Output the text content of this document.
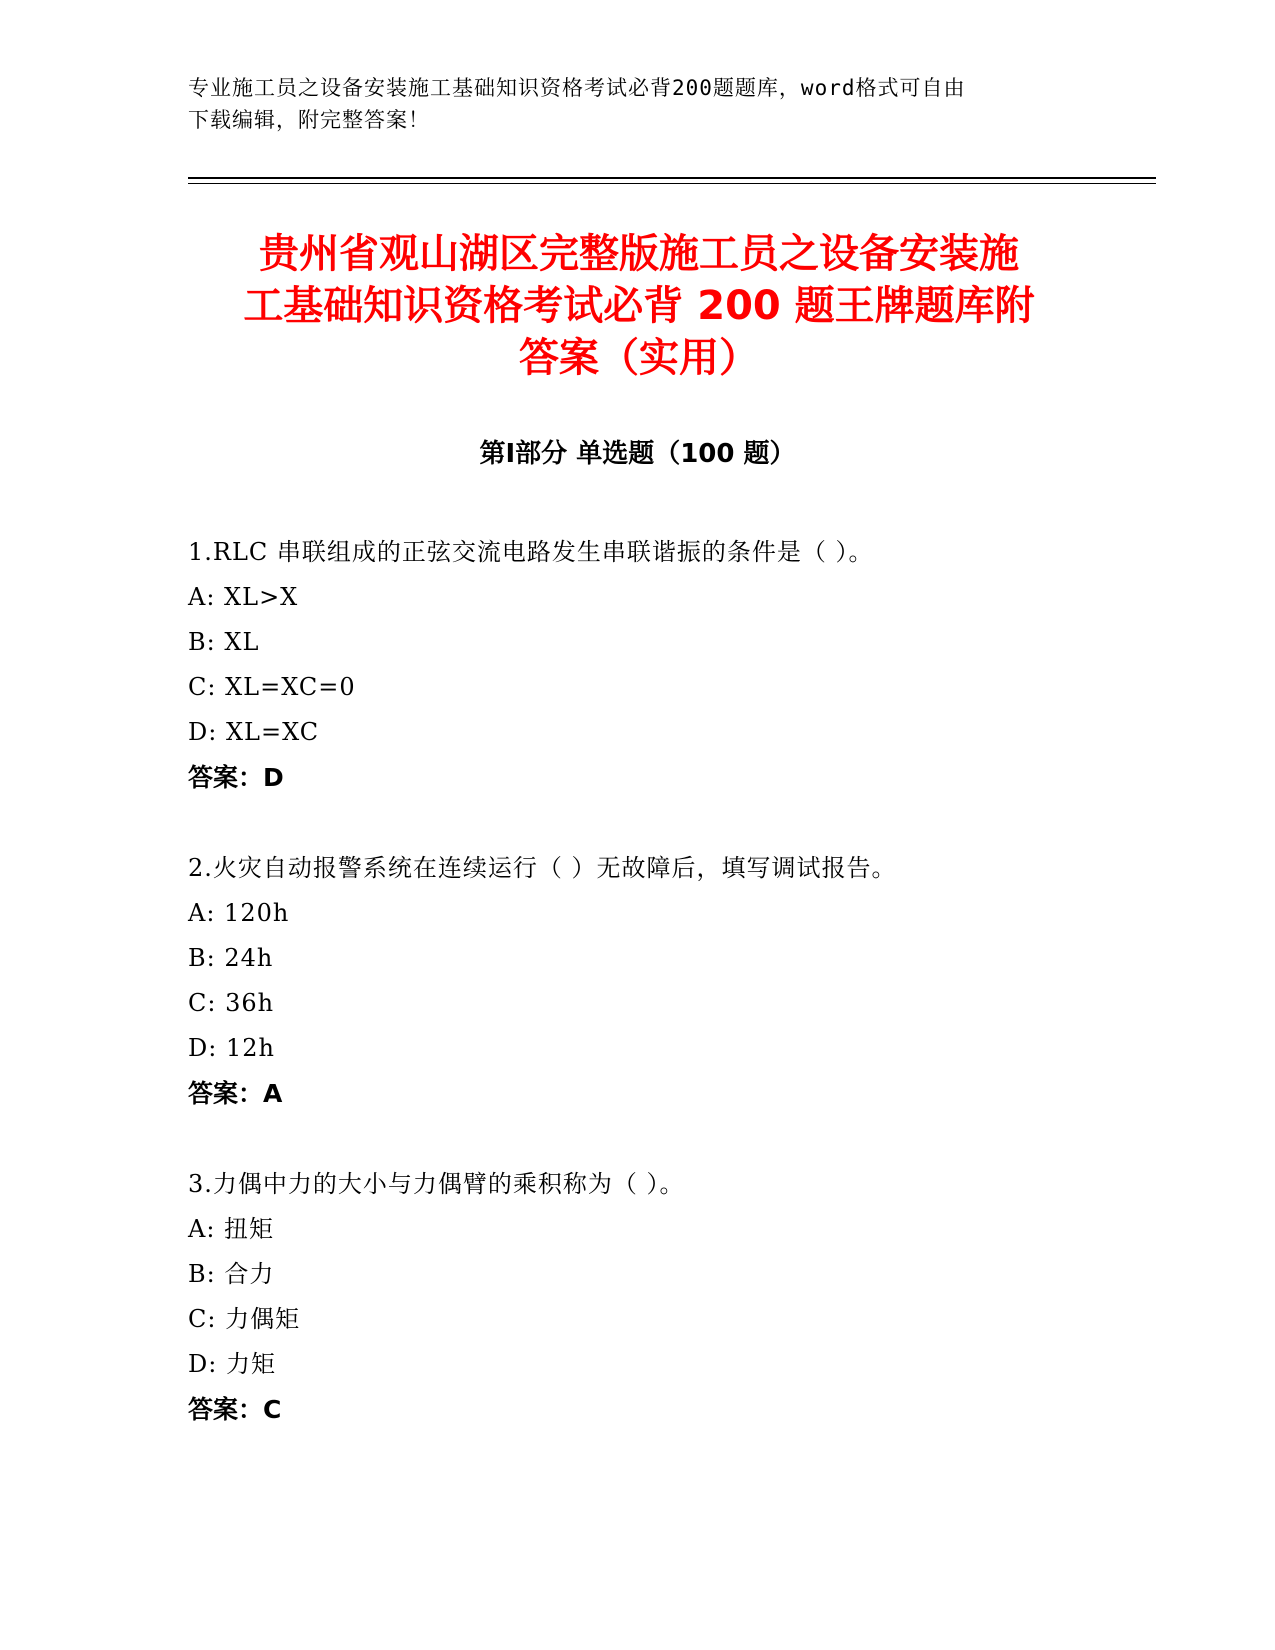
专业施工员之设备安装施工基础知识资格考试必背200题题库，word格式可自由
下载编辑，附完整答案！
贵州省观山湖区完整版施工员之设备安装施
工基础知识资格考试必背 200 题王牌题库附
答案（实用）
第Ⅰ部分 单选题（100 题）
1.RLC 串联组成的正弦交流电路发生串联谐振的条件是（ ）。
A: XL>X
B: XL
C: XL=XC=0
D: XL=XC
答案：D
2.火灾自动报警系统在连续运行（ ）无故障后，填写调试报告。
A: 120h
B: 24h
C: 36h
D: 12h
答案：A
3.力偶中力的大小与力偶臂的乘积称为（ ）。
A: 扭矩
B: 合力
C: 力偶矩
D: 力矩
答案：C
